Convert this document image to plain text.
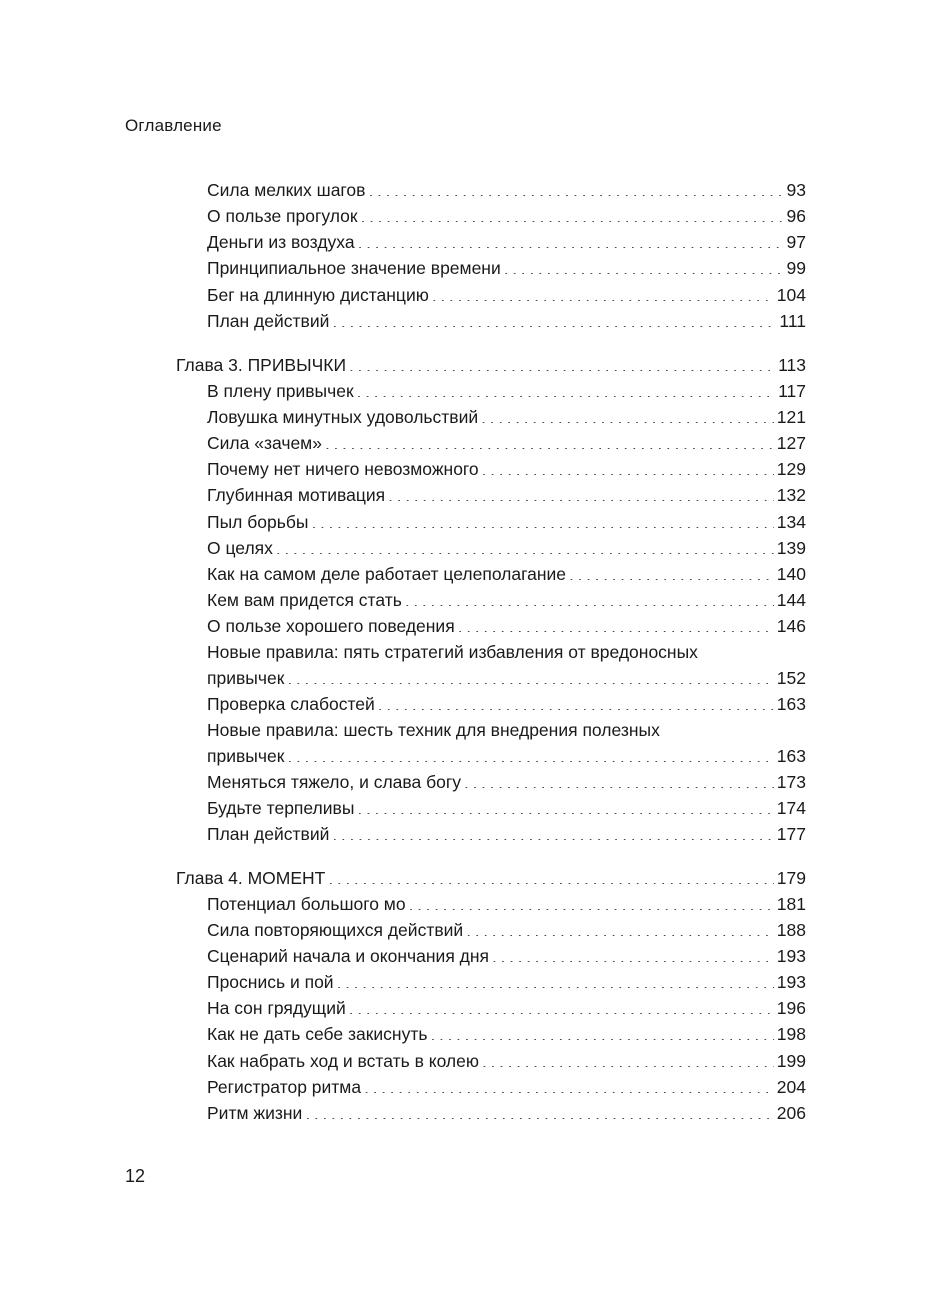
Оглавление
Сила мелких шагов . . .	93
О пользе прогулок . . .	96
Деньги из воздуха . . .	97
Принципиальное значение времени . . .	99
Бег на длинную дистанцию . . .	104
План действий . . .	111
Глава 3. ПРИВЫЧКИ . . .	113
В плену привычек . . .	117
Ловушка минутных удовольствий . . .	121
Сила «зачем» . . .	127
Почему нет ничего невозможного . . .	129
Глубинная мотивация . . .	132
Пыл борьбы . . .	134
О целях . . .	139
Как на самом деле работает целеполагание . . .	140
Кем вам придется стать . . .	144
О пользе хорошего поведения . . .	146
Новые правила: пять стратегий избавления от вредоносных
привычек . . .	152
Проверка слабостей . . .	163
Новые правила: шесть техник для внедрения полезных
привычек . . .	163
Меняться тяжело, и слава богу . . .	173
Будьте терпеливы . . .	174
План действий . . .	177
Глава 4. МОМЕНТ . . .	179
Потенциал большого мо . . .	181
Сила повторяющихся действий . . .	188
Сценарий начала и окончания дня . . .	193
Проснись и пой . . .	193
На сон грядущий . . .	196
Как не дать себе закиснуть . . .	198
Как набрать ход и встать в колею . . .	199
Регистратор ритма . . .	204
Ритм жизни . . .	206
12
